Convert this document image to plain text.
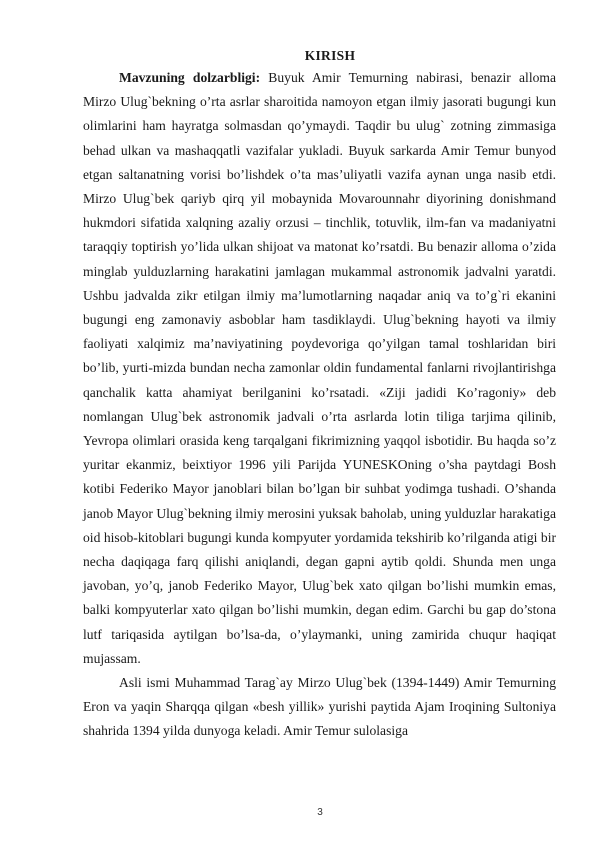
KIRISH

Mavzuning dolzarbligi: Buyuk Amir Temurning nabirasi, benazir alloma Mirzo Ulug`bekning o’rta asrlar sharoitida namoyon etgan ilmiy jasorati bugungi kun olimlarini ham hayratga solmasdan qo’ymaydi. Taqdir bu ulug` zotning zimmasiga behad ulkan va mashaqqatli vazifalar yukladi. Buyuk sarkarda Amir Temur bunyod etgan saltanatning vorisi bo’lishdek o’ta mas’uliyatli vazifa aynan unga nasib etdi. Mirzo Ulug`bek qariyb qirq yil mobaynida Movarounnahr diyorining donishmand hukmdori sifatida xalqning azaliy orzusi – tinchlik, totuvlik, ilm-fan va madaniyatni taraqqiy toptirish yo’lida ulkan shijoat va matonat ko’rsatdi. Bu benazir alloma o’zida minglab yulduzlarning harakatini jamlagan mukammal astronomik jadvalni yaratdi. Ushbu jadvalda zikr etilgan ilmiy ma’lumotlarning naqadar aniq va to’g`ri ekanini bugungi eng zamonaviy asboblar ham tasdiklaydi. Ulug`bekning hayoti va ilmiy faoliyati xalqimiz ma’naviyatining poydevoriga qo’yilgan tamal toshlaridan biri bo’lib, yurti-mizda bundan necha zamonlar oldin fundamental fanlarni rivojlantirishga qanchalik katta ahamiyat berilganini ko’rsatadi. «Ziji jadidi Ko’ragoniy» deb nomlangan Ulug`bek astronomik jadvali o’rta asrlarda lotin tiliga tarjima qilinib, Yevropa olimlari orasida keng tarqalgani fikrimizning yaqqol isbotidir. Bu haqda so’z yuritar ekanmiz, beixtiyor 1996 yili Parijda YUNESKOning o’sha paytdagi Bosh kotibi Federiko Mayor janoblari bilan bo’lgan bir suhbat yodimga tushadi. O’shanda janob Mayor Ulug`bekning ilmiy merosini yuksak baholab, uning yulduzlar harakatiga oid hisob-kitoblari bugungi kunda kompyuter yordamida tekshirib ko’rilganda atigi bir necha daqiqaga farq qilishi aniqlandi, degan gapni aytib qoldi. Shunda men unga javoban, yo’q, janob Federiko Mayor, Ulug`bek xato qilgan bo’lishi mumkin emas, balki kompyuterlar xato qilgan bo’lishi mumkin, degan edim. Garchi bu gap do’stona lutf tariqasida aytilgan bo’lsa-da, o’ylaymanki, uning zamirida chuqur haqiqat mujassam.

Asli ismi Muhammad Tarag`ay Mirzo Ulug`bek (1394-1449) Amir Temurning Eron va yaqin Sharqqa qilgan «besh yillik» yurishi paytida Ajam Iroqining Sultoniya shahrida 1394 yilda dunyoga keladi. Amir Temur sulolasiga

3
